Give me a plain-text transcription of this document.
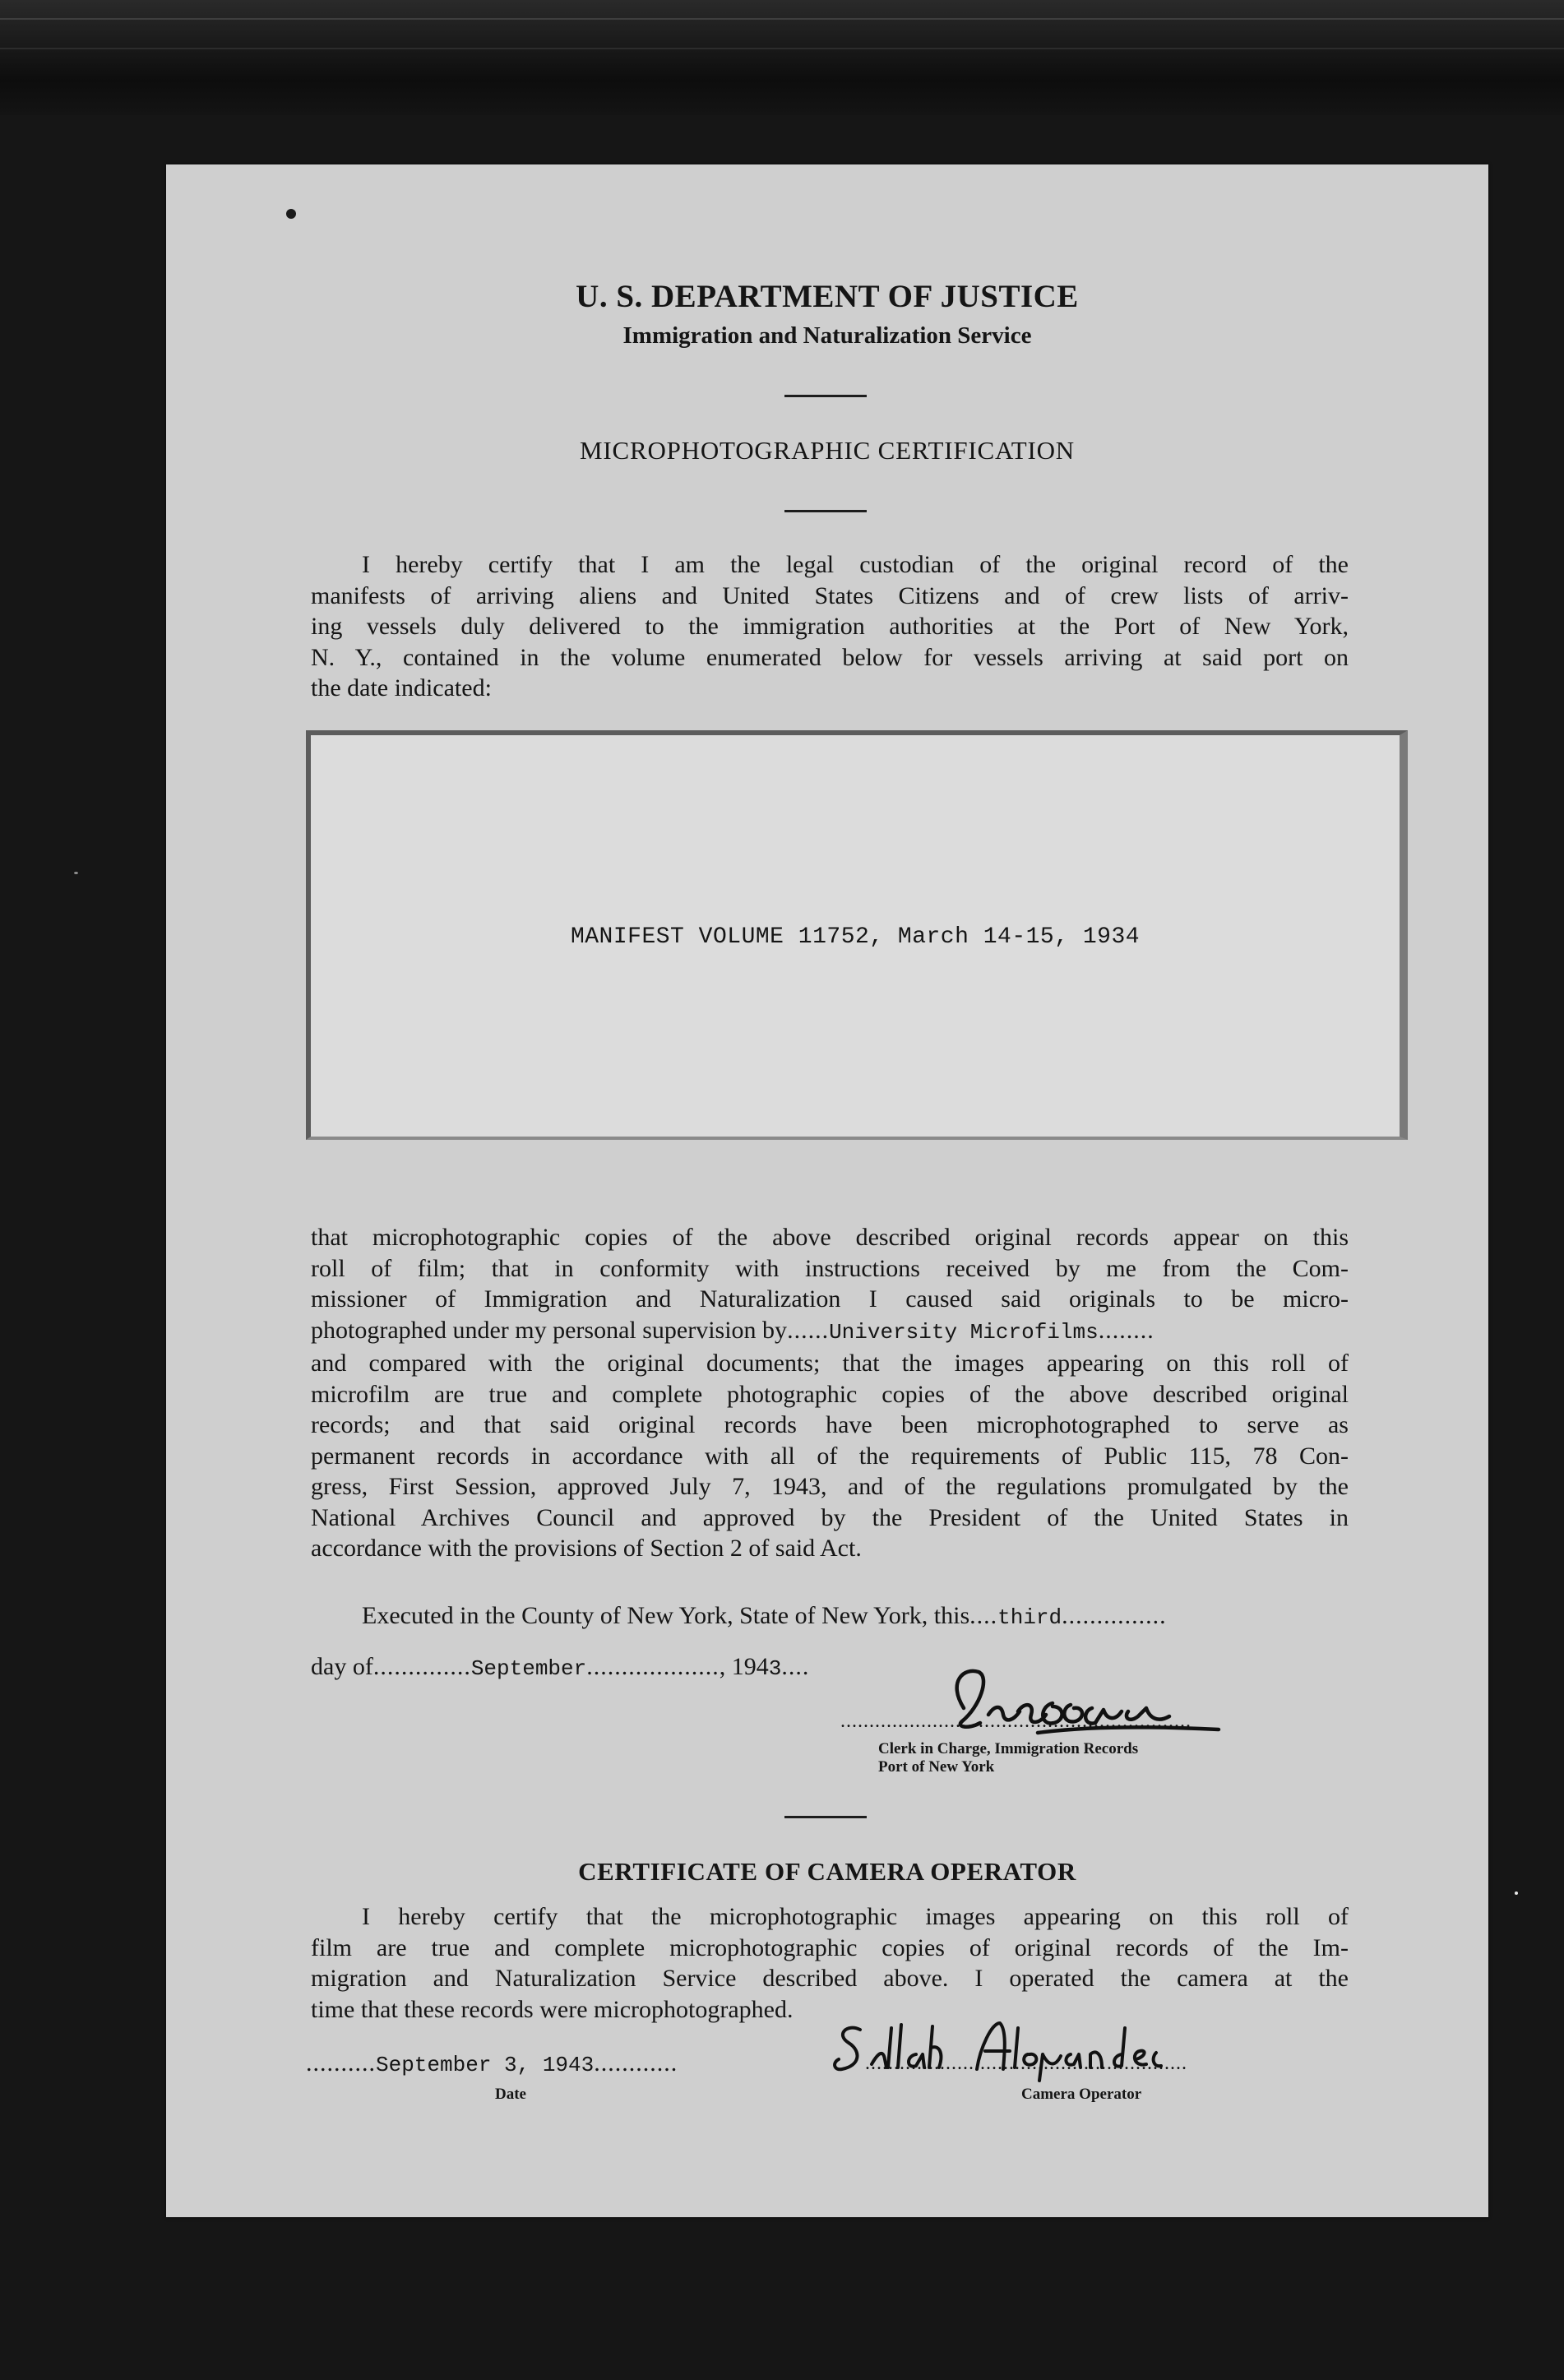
U. S. DEPARTMENT OF JUSTICE
Immigration and Naturalization Service
MICROPHOTOGRAPHIC CERTIFICATION
I hereby certify that I am the legal custodian of the original record of the
manifests of arriving aliens and United States Citizens and of crew lists of arriv-
ing vessels duly delivered to the immigration authorities at the Port of New York,
N. Y., contained in the volume enumerated below for vessels arriving at said port on
the date indicated:
MANIFEST VOLUME 11752, March 14-15, 1934
that microphotographic copies of the above described original records appear on this
roll of film; that in conformity with instructions received by me from the Com-
missioner of Immigration and Naturalization I caused said originals to be micro-
photographed under my personal supervision by......University Microfilms........
and compared with the original documents; that the images appearing on this roll of
microfilm are true and complete photographic copies of the above described original
records; and that said original records have been microphotographed to serve as
permanent records in accordance with all of the requirements of Public 115, 78 Con-
gress, First Session, approved July 7, 1943, and of the regulations promulgated by the
National Archives Council and approved by the President of the United States in
accordance with the provisions of Section 2 of said Act.
Executed in the County of New York, State of New York, this....third...............
day of..............September..................., 1943....
.............................................................
Clerk in Charge, Immigration Records
Port of New York
CERTIFICATE OF CAMERA OPERATOR
I hereby certify that the microphotographic images appearing on this roll of
film are true and complete microphotographic copies of original records of the Im-
migration and Naturalization Service described above. I operated the camera at the
time that these records were microphotographed.
..........September 3, 1943............
Date
........................................................
Camera Operator
